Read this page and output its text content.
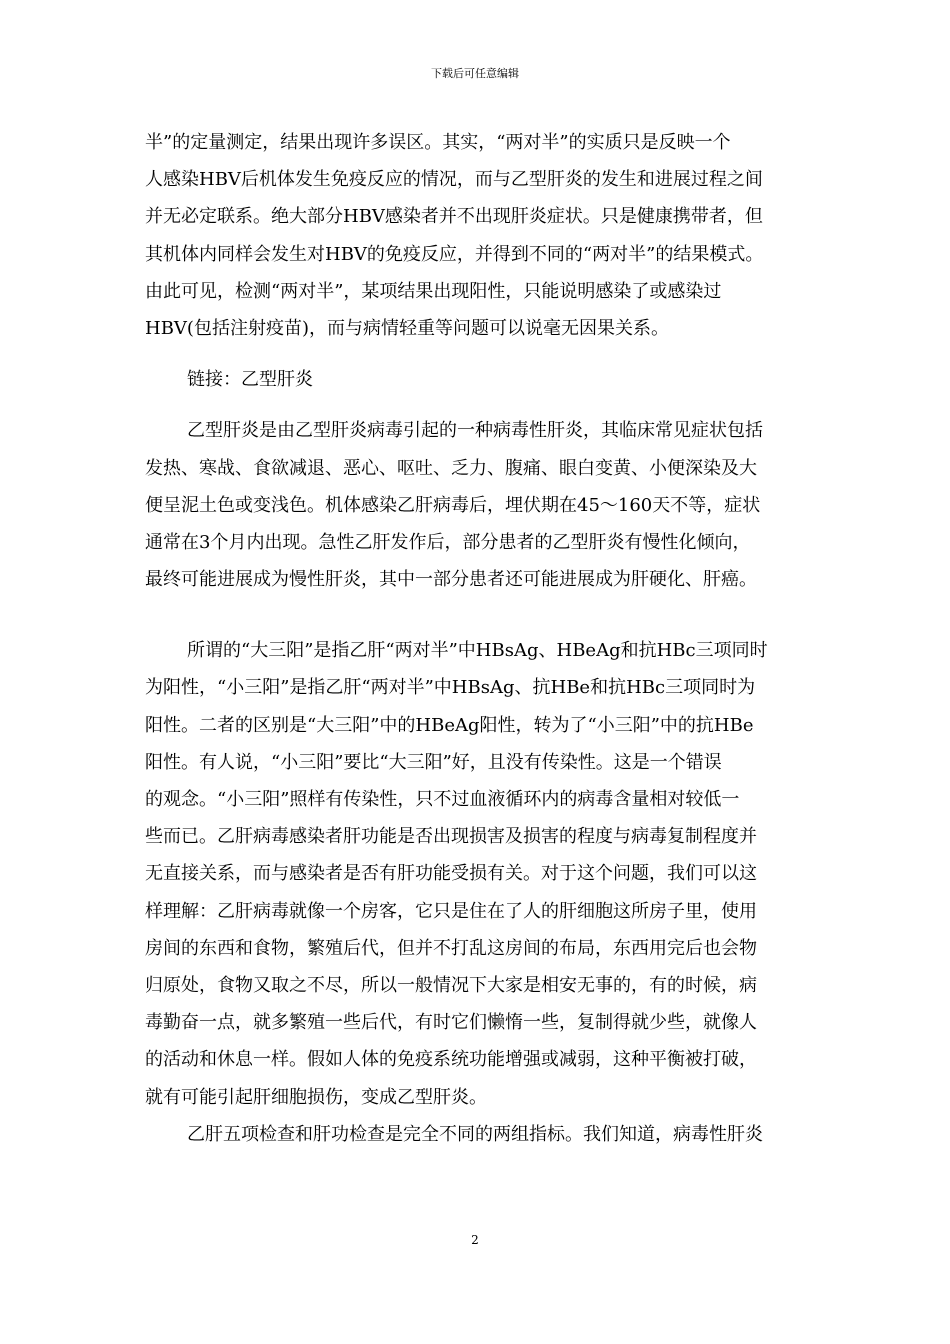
下载后可任意编辑
半”的定量测定，结果出现许多误区。其实，“两对半”的实质只是反映一个
人感染HBV后机体发生免疫反应的情况，而与乙型肝炎的发生和进展过程之间
并无必定联系。绝大部分HBV感染者并不出现肝炎症状。只是健康携带者，但
其机体内同样会发生对HBV的免疫反应，并得到不同的“两对半”的结果模式。
由此可见，检测“两对半”，某项结果出现阳性，只能说明感染了或感染过
HBV(包括注射疫苗)，而与病情轻重等问题可以说毫无因果关系。
链接：乙型肝炎
乙型肝炎是由乙型肝炎病毒引起的一种病毒性肝炎，其临床常见症状包括
发热、寒战、食欲减退、恶心、呕吐、乏力、腹痛、眼白变黄、小便深染及大
便呈泥土色或变浅色。机体感染乙肝病毒后，埋伏期在45～160天不等，症状
通常在3个月内出现。急性乙肝发作后，部分患者的乙型肝炎有慢性化倾向，
最终可能进展成为慢性肝炎，其中一部分患者还可能进展成为肝硬化、肝癌。
所谓的“大三阳”是指乙肝“两对半”中HBsAg、HBeAg和抗HBc三项同时
为阳性，“小三阳”是指乙肝“两对半”中HBsAg、抗HBe和抗HBc三项同时为
阳性。二者的区别是“大三阳”中的HBeAg阳性，转为了“小三阳”中的抗HBe
阳性。有人说，“小三阳”要比“大三阳”好，且没有传染性。这是一个错误
的观念。“小三阳”照样有传染性，只不过血液循环内的病毒含量相对较低一
些而已。乙肝病毒感染者肝功能是否出现损害及损害的程度与病毒复制程度并
无直接关系，而与感染者是否有肝功能受损有关。对于这个问题，我们可以这
样理解：乙肝病毒就像一个房客，它只是住在了人的肝细胞这所房子里，使用
房间的东西和食物，繁殖后代，但并不打乱这房间的布局，东西用完后也会物
归原处，食物又取之不尽，所以一般情况下大家是相安无事的，有的时候，病
毒勤奋一点，就多繁殖一些后代，有时它们懒惰一些，复制得就少些，就像人
的活动和休息一样。假如人体的免疫系统功能增强或减弱，这种平衡被打破，
就有可能引起肝细胞损伤，变成乙型肝炎。
乙肝五项检查和肝功检查是完全不同的两组指标。我们知道，病毒性肝炎
2
